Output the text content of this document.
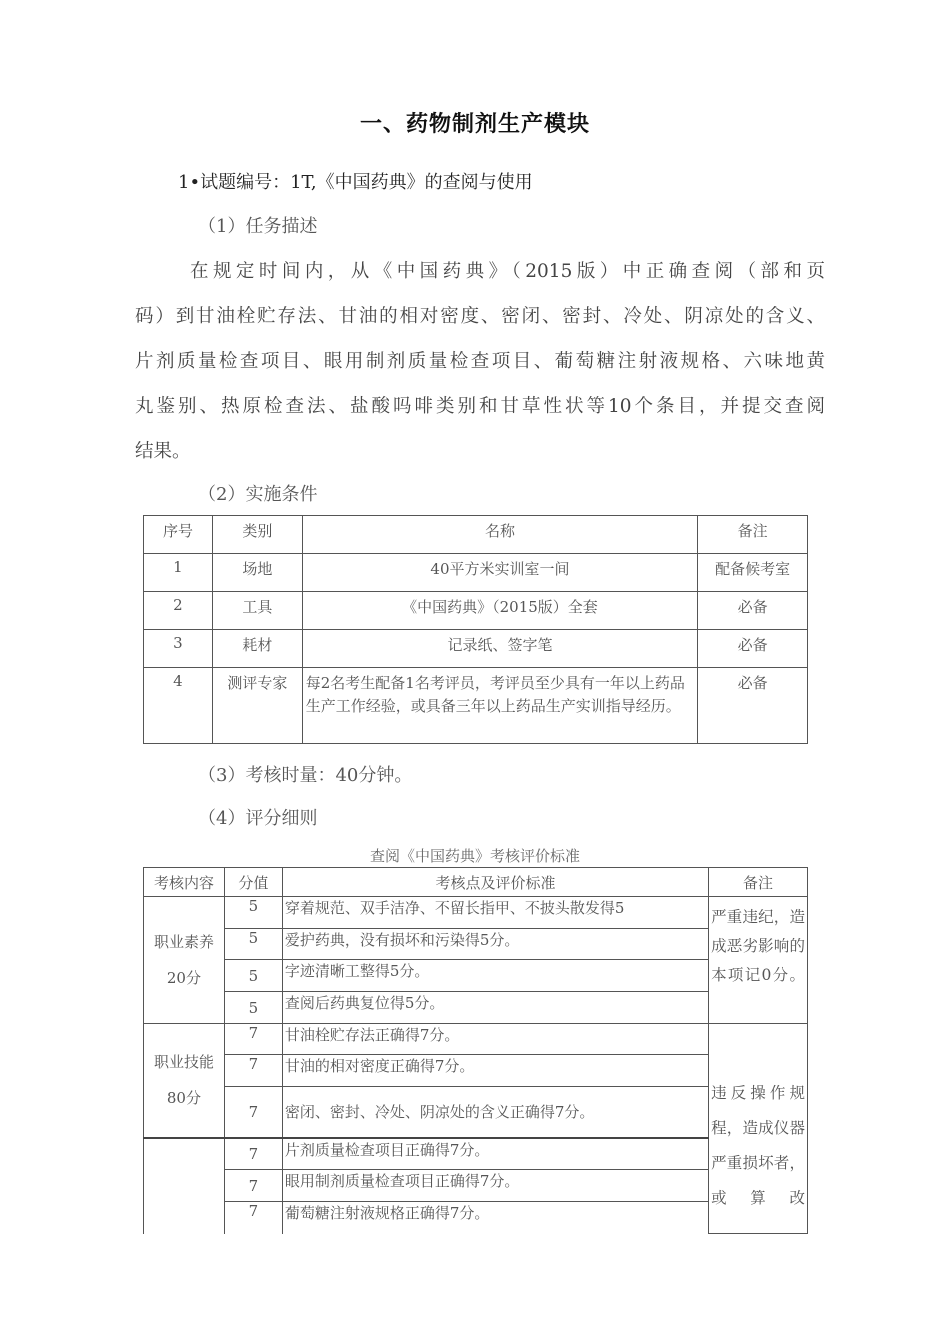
一、药物制剂生产模块
1•试题编号：1T,《中国药典》的查阅与使用
（1）任务描述
在规定时间内，从《中国药典》（2015版）中正确查阅（部和页
码）到甘油栓贮存法、甘油的相对密度、密闭、密封、冷处、阴凉处的含义、
片剂质量检查项目、眼用制剂质量检查项目、葡萄糖注射液规格、六味地黄
丸鉴别、热原检查法、盐酸吗啡类别和甘草性状等10个条目，并提交查阅
结果。
（2）实施条件
序号	类别	名称	备注
1	场地	40平方米实训室一间	配备候考室
2	工具	《中国药典》（2015版）全套	必备
3	耗材	记录纸、签字笔	必备
4	测评专家	每2名考生配备1名考评员，考评员至少具有一年以上药品生产工作经验，或具备三年以上药品生产实训指导经历。	必备
（3）考核时量：40分钟。
（4）评分细则
查阅《中国药典》考核评价标准
考核内容	分值	考核点及评价标准	备注

职业素养
20分	5	穿着规范、双手洁净、不留长指甲、不披头散发得5	严重违纪，造成恶劣影响的本项记0分。
	5	爱护药典，没有损坏和污染得5分。	
	5	字迹清晰工整得5分。	
	5	查阅后药典复位得5分。	

职业技能
80分	7	甘油栓贮存法正确得7分。	违反操作规程，造成仪器严重损坏者，或算改
	7	甘油的相对密度正确得7分。	
	7	密闭、密封、冷处、阴凉处的含义正确得7分。	
	7	片剂质量检查项目正确得7分。	
	7	眼用制剂质量检查项目正确得7分。	
	7	葡萄糖注射液规格正确得7分。	
